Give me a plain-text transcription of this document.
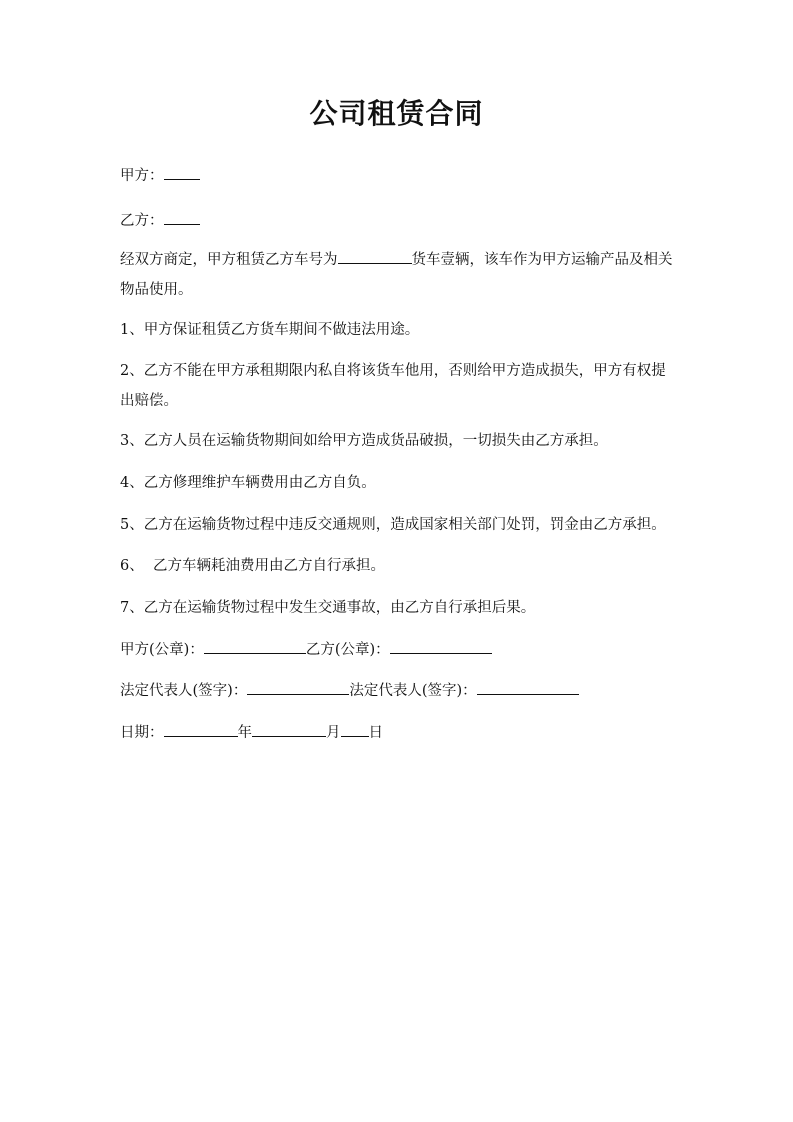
公司租赁合同
甲方：
乙方：
经双方商定，甲方租赁乙方车号为	货车壹辆，该车作为甲方运输产品及相关物品使用。
1、甲方保证租赁乙方货车期间不做违法用途。
2、乙方不能在甲方承租期限内私自将该货车他用，否则给甲方造成损失，甲方有权提出赔偿。
3、乙方人员在运输货物期间如给甲方造成货品破损，一切损失由乙方承担。
4、乙方修理维护车辆费用由乙方自负。
5、乙方在运输货物过程中违反交通规则，造成国家相关部门处罚，罚金由乙方承担。
6、  乙方车辆耗油费用由乙方自行承担。
7、乙方在运输货物过程中发生交通事故，由乙方自行承担后果。
甲方(公章)：	乙方(公章)：
法定代表人(签字)：	法定代表人(签字)：
日期：	年	月 日
